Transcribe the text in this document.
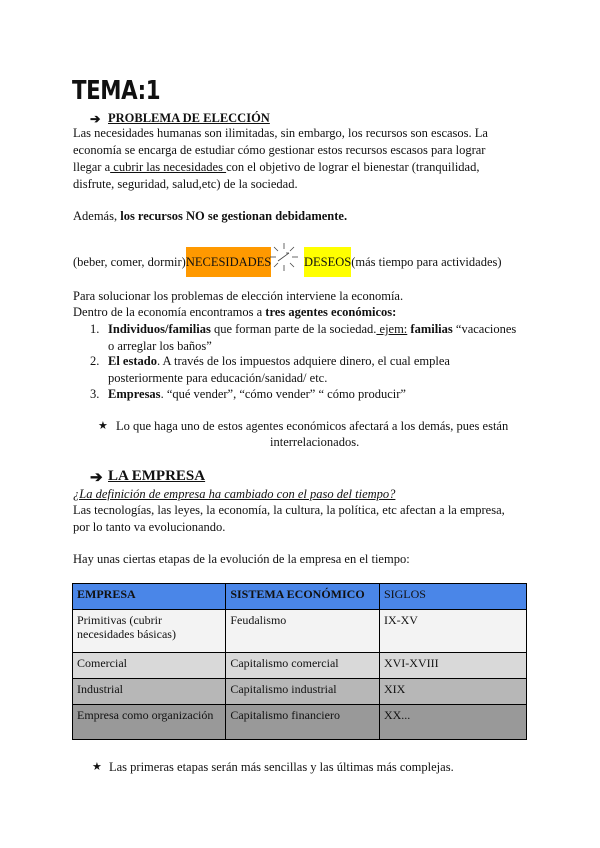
TEMA:1
➔ PROBLEMA DE ELECCIÓN
Las necesidades humanas son ilimitadas, sin embargo, los recursos son escasos. La
economía se encarga de estudiar cómo gestionar estos recursos escasos para lograr
llegar a cubrir las necesidades con el objetivo de lograr el bienestar (tranquilidad,
disfrute, seguridad, salud,etc) de la sociedad.
Además, los recursos NO se gestionan debidamente.
(beber, comer, dormir)NECESIDADES	DESEOS(más tiempo para actividades)
Para solucionar los problemas de elección interviene la economía.
Dentro de la economía encontramos a tres agentes económicos:
1. Individuos/familias que forman parte de la sociedad. ejem: familias “vacaciones
o arreglar los baños”
2. El estado. A través de los impuestos adquiere dinero, el cual emplea
posteriormente para educación/sanidad/ etc.
3. Empresas. “qué vender”, “cómo vender” “ cómo producir”
★ Lo que haga uno de estos agentes económicos afectará a los demás, pues están
interrelacionados.
➔ LA EMPRESA
¿La definición de empresa ha cambiado con el paso del tiempo?
Las tecnologías, las leyes, la economía, la cultura, la política, etc afectan a la empresa,
por lo tanto va evolucionando.
Hay unas ciertas etapas de la evolución de la empresa en el tiempo:
EMPRESA	SISTEMA ECONÓMICO	SIGLOS
Primitivas (cubrir necesidades básicas)	Feudalismo	IX-XV
Comercial	Capitalismo comercial	XVI-XVIII
Industrial	Capitalismo industrial	XIX
Empresa como organización	Capitalismo financiero	XX...
★ Las primeras etapas serán más sencillas y las últimas más complejas.
